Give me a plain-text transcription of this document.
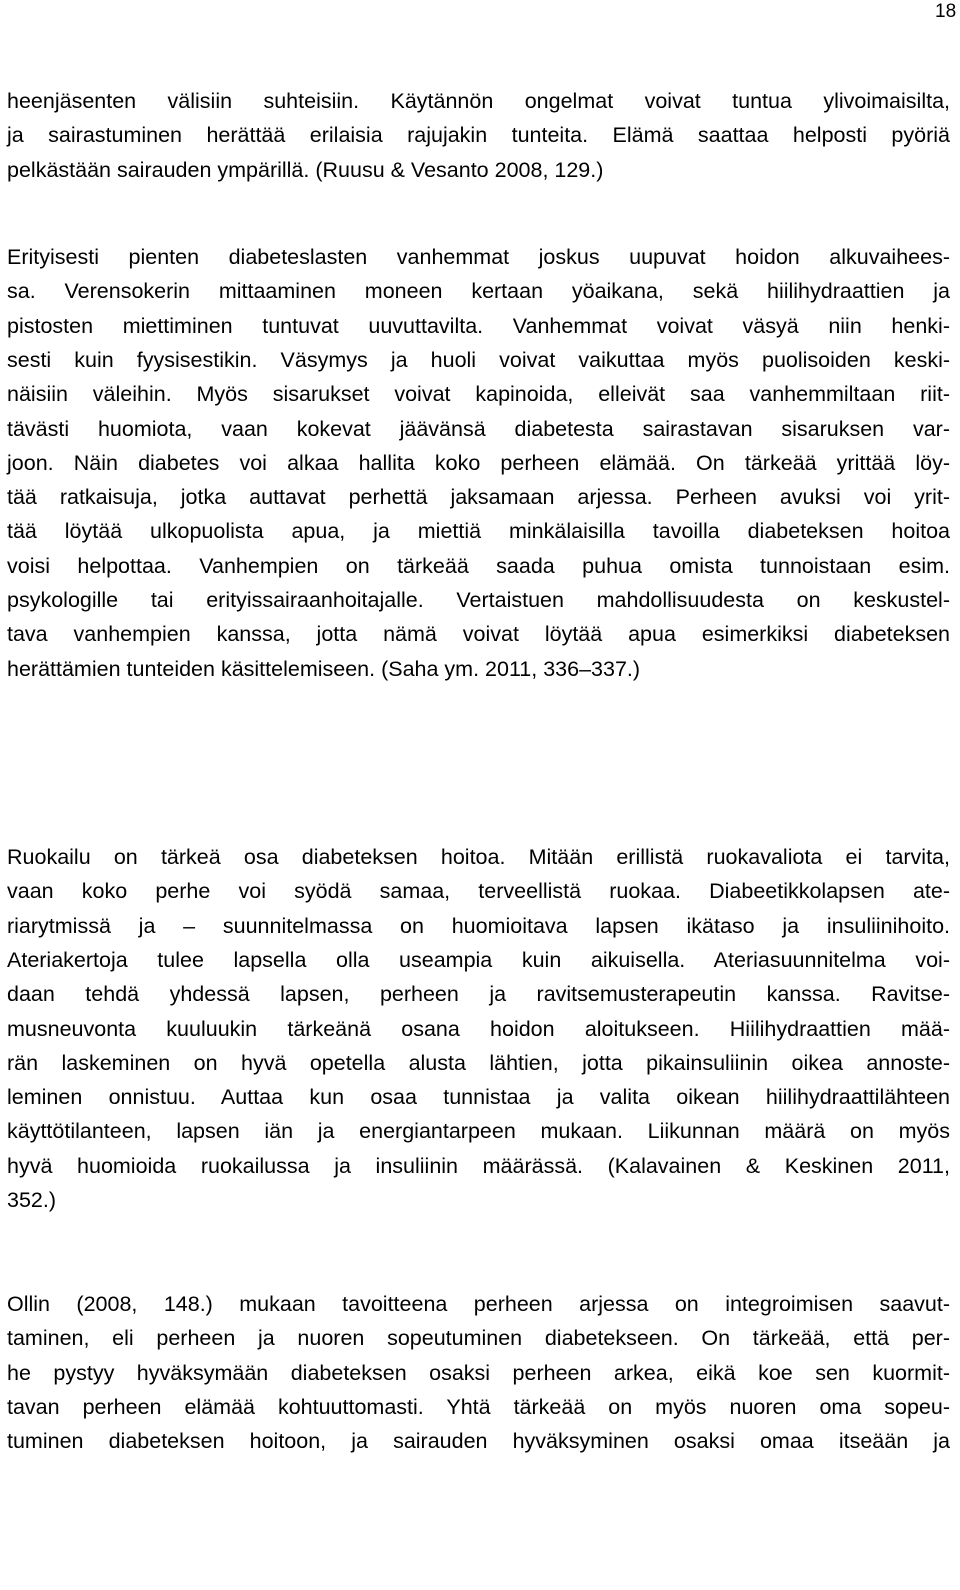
18
heenjäsenten välisiin suhteisiin. Käytännön ongelmat voivat tuntua ylivoimaisilta,
ja sairastuminen herättää erilaisia rajujakin tunteita. Elämä saattaa helposti pyöriä
pelkästään sairauden ympärillä. (Ruusu & Vesanto 2008, 129.)
Erityisesti pienten diabeteslasten vanhemmat joskus uupuvat hoidon alkuvaihees-
sa. Verensokerin mittaaminen moneen kertaan yöaikana, sekä hiilihydraattien ja
pistosten miettiminen tuntuvat uuvuttavilta. Vanhemmat voivat väsyä niin henki-
sesti kuin fyysisestikin. Väsymys ja huoli voivat vaikuttaa myös puolisoiden keski-
näisiin väleihin. Myös sisarukset voivat kapinoida, elleivät saa vanhemmiltaan riit-
tävästi huomiota, vaan kokevat jäävänsä diabetesta sairastavan sisaruksen var-
joon. Näin diabetes voi alkaa hallita koko perheen elämää. On tärkeää yrittää löy-
tää ratkaisuja, jotka auttavat perhettä jaksamaan arjessa. Perheen avuksi voi yrit-
tää löytää ulkopuolista apua, ja miettiä minkälaisilla tavoilla diabeteksen hoitoa
voisi helpottaa. Vanhempien on tärkeää saada puhua omista tunnoistaan esim.
psykologille tai erityissairaanhoitajalle. Vertaistuen mahdollisuudesta on keskustel-
tava vanhempien kanssa, jotta nämä voivat löytää apua esimerkiksi diabeteksen
herättämien tunteiden käsittelemiseen. (Saha ym. 2011, 336–337.)
Ruokailu on tärkeä osa diabeteksen hoitoa. Mitään erillistä ruokavaliota ei tarvita,
vaan koko perhe voi syödä samaa, terveellistä ruokaa. Diabeetikkolapsen ate-
riarytmissä ja – suunnitelmassa on huomioitava lapsen ikätaso ja insuliinihoito.
Ateriakertoja tulee lapsella olla useampia kuin aikuisella. Ateriasuunnitelma voi-
daan tehdä yhdessä lapsen, perheen ja ravitsemusterapeutin kanssa. Ravitse-
musneuvonta kuuluukin tärkeänä osana hoidon aloitukseen. Hiilihydraattien mää-
rän laskeminen on hyvä opetella alusta lähtien, jotta pikainsuliinin oikea annoste-
leminen onnistuu. Auttaa kun osaa tunnistaa ja valita oikean hiilihydraattilähteen
käyttötilanteen, lapsen iän ja energiantarpeen mukaan. Liikunnan määrä on myös
hyvä huomioida ruokailussa ja insuliinin määrässä. (Kalavainen & Keskinen 2011,
352.)
Ollin (2008, 148.) mukaan tavoitteena perheen arjessa on integroimisen saavut-
taminen, eli perheen ja nuoren sopeutuminen diabetekseen. On tärkeää, että per-
he pystyy hyväksymään diabeteksen osaksi perheen arkea, eikä koe sen kuormit-
tavan perheen elämää kohtuuttomasti. Yhtä tärkeää on myös nuoren oma sopeu-
tuminen diabeteksen hoitoon, ja sairauden hyväksyminen osaksi omaa itseään ja
